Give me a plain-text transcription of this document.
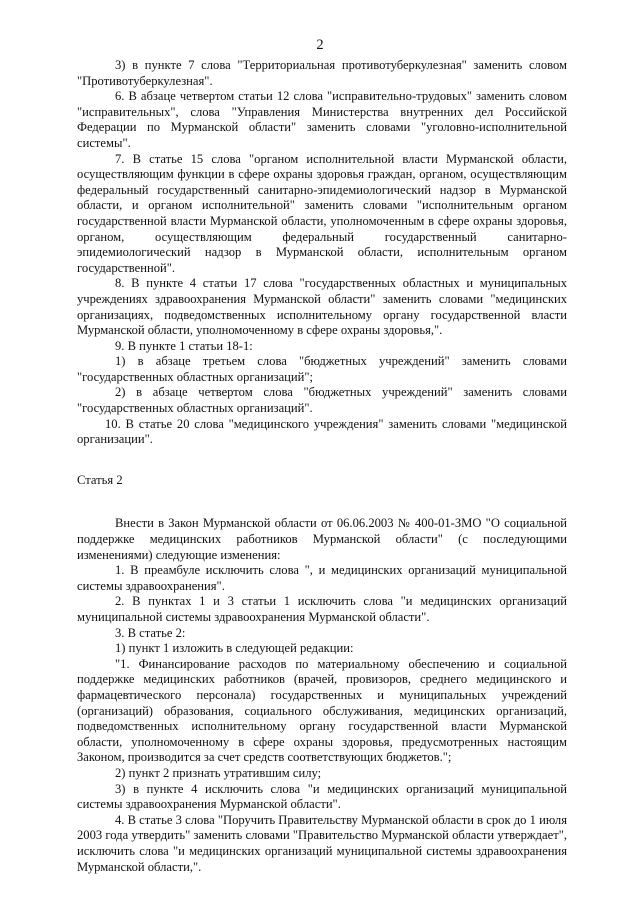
2

3) в пункте 7 слова "Территориальная противотуберкулезная" заменить словом "Противотуберкулезная".

6. В абзаце четвертом статьи 12 слова "исправительно-трудовых" заменить словом "исправительных", слова "Управления Министерства внутренних дел Российской Федерации по Мурманской области" заменить словами "уголовно-исполнительной системы".

7. В статье 15 слова "органом исполнительной власти Мурманской области, осуществляющим функции в сфере охраны здоровья граждан, органом, осуществляющим федеральный государственный санитарно-эпидемиологический надзор в Мурманской области, и органом исполнительной" заменить словами "исполнительным органом государственной власти Мурманской области, уполномоченным в сфере охраны здоровья, органом, осуществляющим федеральный государственный санитарно-эпидемиологический надзор в Мурманской области, исполнительным органом государственной".

8. В пункте 4 статьи 17 слова "государственных областных и муниципальных учреждениях здравоохранения Мурманской области" заменить словами "медицинских организациях, подведомственных исполнительному органу государственной власти Мурманской области, уполномоченному в сфере охраны здоровья,".

9. В пункте 1 статьи 18-1:

1) в абзаце третьем слова "бюджетных учреждений" заменить словами "государственных областных организаций";

2) в абзаце четвертом слова "бюджетных учреждений" заменить словами "государственных областных организаций".

10. В статье 20 слова "медицинского учреждения" заменить словами "медицинской организации".

Статья 2

Внести в Закон Мурманской области от 06.06.2003 № 400-01-ЗМО "О социальной поддержке медицинских работников Мурманской области" (с последующими изменениями) следующие изменения:

1. В преамбуле исключить слова ", и медицинских организаций муниципальной системы здравоохранения".

2. В пунктах 1 и 3 статьи 1 исключить слова "и медицинских организаций муниципальной системы здравоохранения Мурманской области".

3. В статье 2:

1) пункт 1 изложить в следующей редакции:

"1. Финансирование расходов по материальному обеспечению и социальной поддержке медицинских работников (врачей, провизоров, среднего медицинского и фармацевтического персонала) государственных и муниципальных учреждений (организаций) образования, социального обслуживания, медицинских организаций, подведомственных исполнительному органу государственной власти Мурманской области, уполномоченному в сфере охраны здоровья, предусмотренных настоящим Законом, производится за счет средств соответствующих бюджетов.";

2) пункт 2 признать утратившим силу;

3) в пункте 4 исключить слова "и медицинских организаций муниципальной системы здравоохранения Мурманской области".

4. В статье 3 слова "Поручить Правительству Мурманской области в срок до 1 июля 2003 года утвердить" заменить словами "Правительство Мурманской области утверждает", исключить слова "и медицинских организаций муниципальной системы здравоохранения Мурманской области,".
